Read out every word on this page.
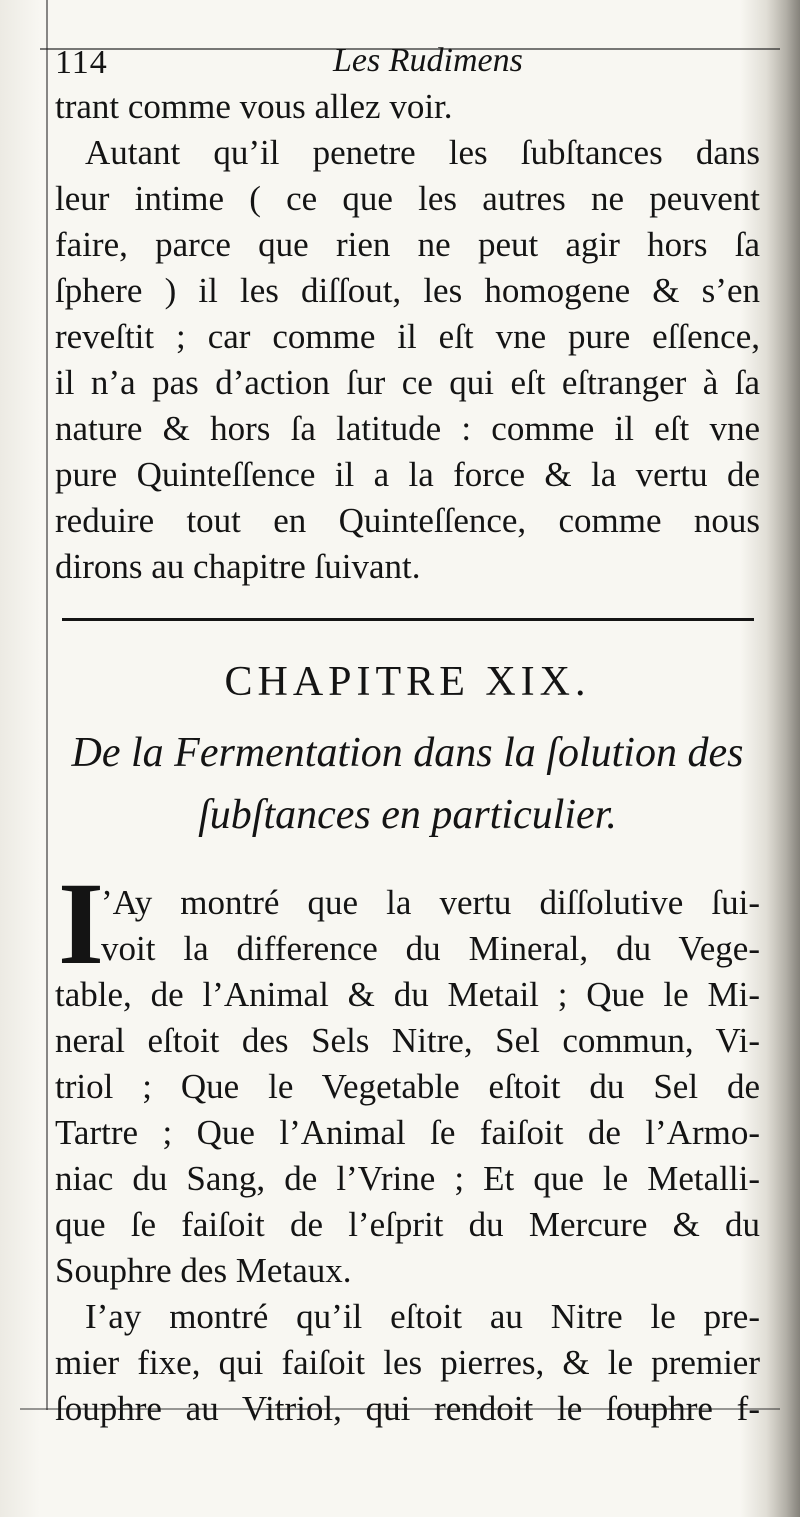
114	Les Rudimens
trant comme vous allez voir.
Autant qu’il penetre les ſubſtances dans
leur intime ( ce que les autres ne peuvent
faire, parce que rien ne peut agir hors ſa
ſphere ) il les diſſout, les homogene & s’en
reveſtit ; car comme il eſt vne pure eſſence,
il n’a pas d’action ſur ce qui eſt eſtranger à ſa
nature & hors ſa latitude : comme il eſt vne
pure Quinteſſence il a la force & la vertu de
reduire tout en Quinteſſence, comme nous
dirons au chapitre ſuivant.
CHAPITRE XIX.
De la Fermentation dans la ſolution des
ſubſtances en particulier.
I
’Ay montré que la vertu diſſolutive ſui-
voit la difference du Mineral, du Vege-
table, de l’Animal & du Metail ; Que le Mi-
neral eſtoit des Sels Nitre, Sel commun, Vi-
triol ; Que le Vegetable eſtoit du Sel de
Tartre ; Que l’Animal ſe faiſoit de l’Armo-
niac du Sang, de l’Vrine ; Et que le Metalli-
que ſe faiſoit de l’eſprit du Mercure & du
Souphre des Metaux.
I’ay montré qu’il eſtoit au Nitre le pre-
mier fixe, qui faiſoit les pierres, & le premier
ſouphre au Vitriol, qui rendoit le ſouphre f-
